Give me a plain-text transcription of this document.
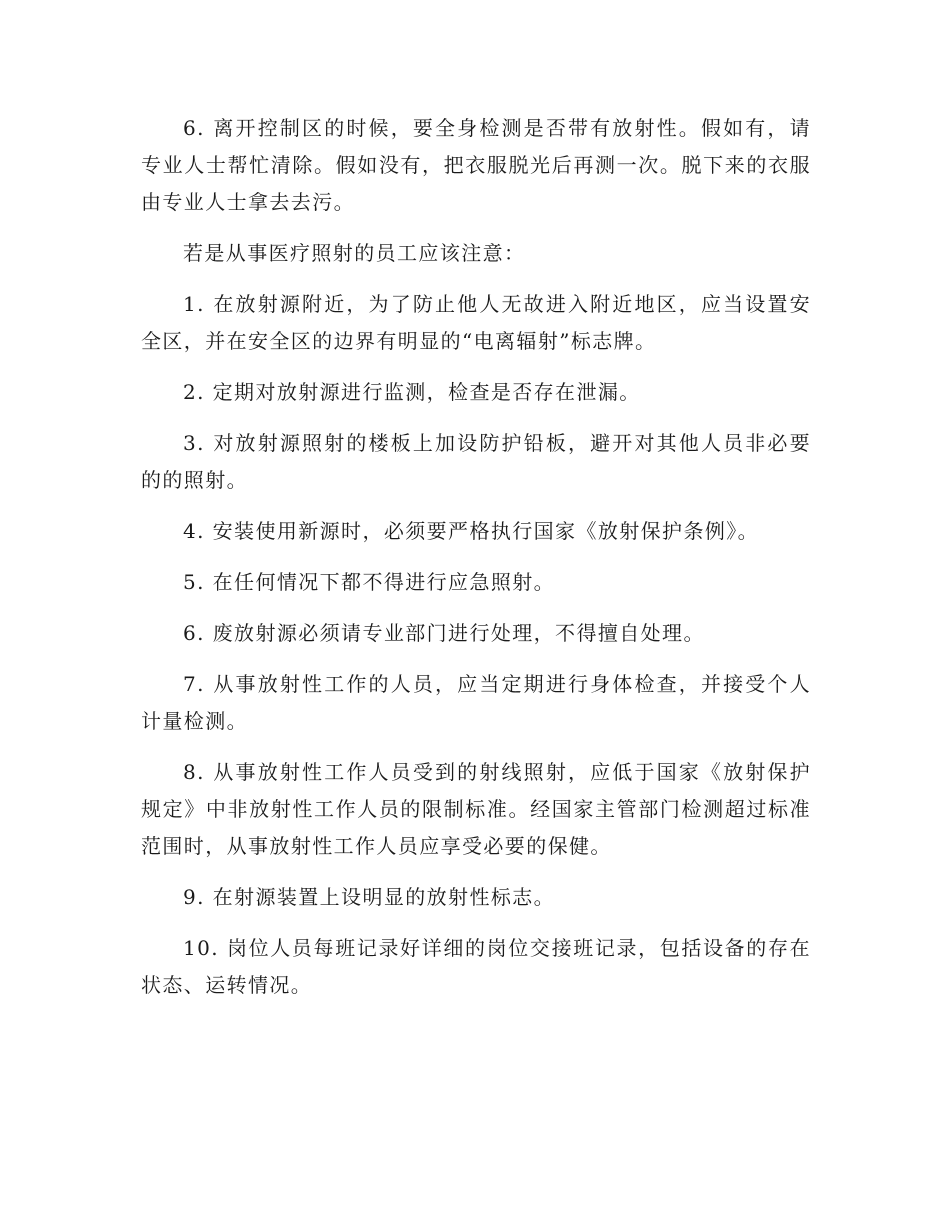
6. 离开控制区的时候，要全身检测是否带有放射性。假如有，请专业人士帮忙清除。假如没有，把衣服脱光后再测一次。脱下来的衣服由专业人士拿去去污。

若是从事医疗照射的员工应该注意：

1. 在放射源附近，为了防止他人无故进入附近地区，应当设置安全区，并在安全区的边界有明显的“电离辐射”标志牌。

2. 定期对放射源进行监测，检查是否存在泄漏。

3. 对放射源照射的楼板上加设防护铅板，避开对其他人员非必要的的照射。

4. 安装使用新源时，必须要严格执行国家《放射保护条例》。

5. 在任何情况下都不得进行应急照射。

6. 废放射源必须请专业部门进行处理，不得擅自处理。

7. 从事放射性工作的人员，应当定期进行身体检查，并接受个人计量检测。

8. 从事放射性工作人员受到的射线照射，应低于国家《放射保护规定》中非放射性工作人员的限制标准。经国家主管部门检测超过标准范围时，从事放射性工作人员应享受必要的保健。

9. 在射源装置上设明显的放射性标志。

10. 岗位人员每班记录好详细的岗位交接班记录，包括设备的存在状态、运转情况。
